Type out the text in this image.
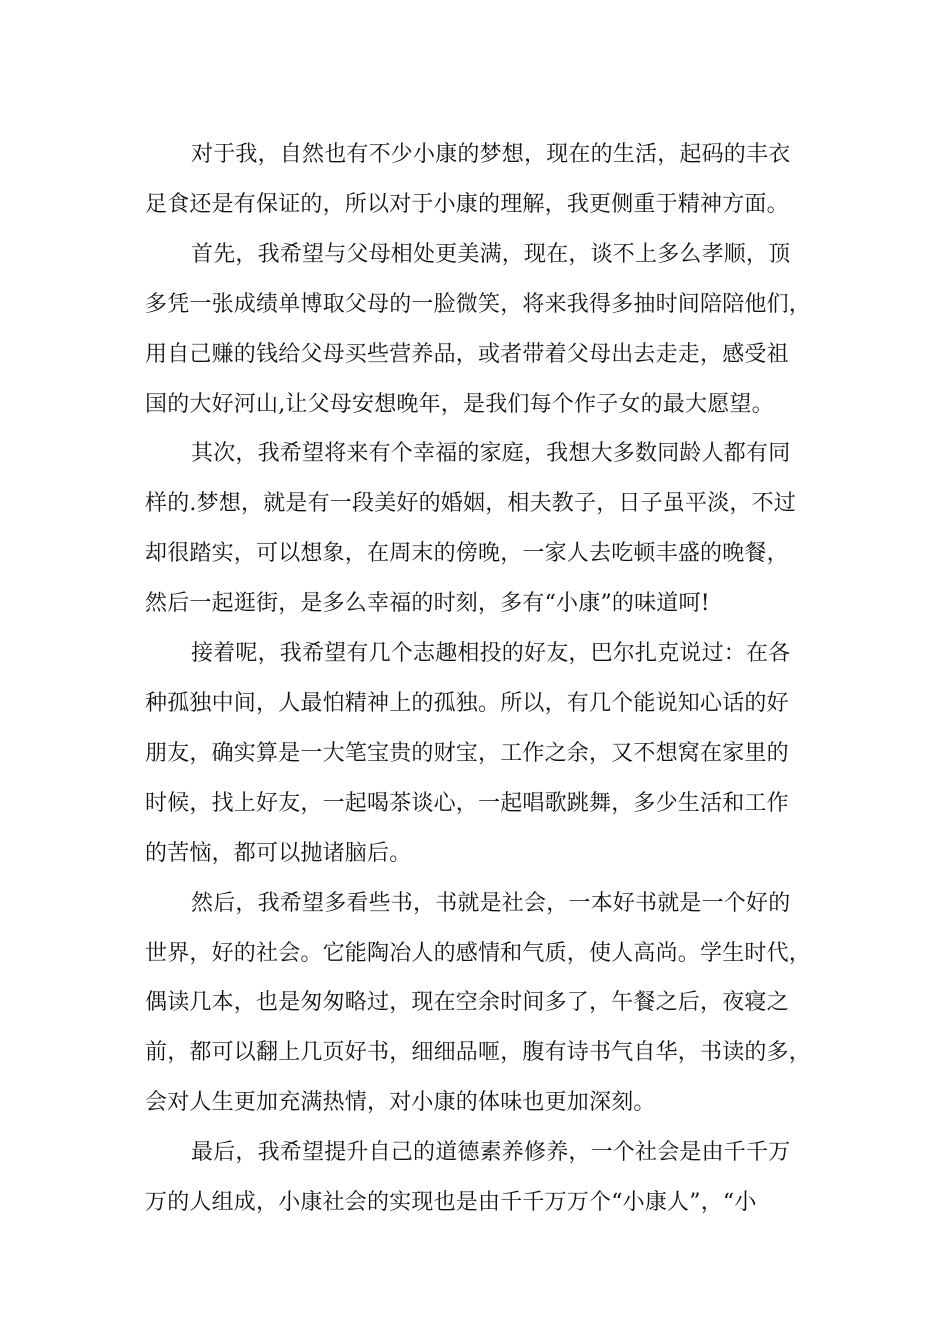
对于我，自然也有不少小康的梦想，现在的生活，起码的丰衣
足食还是有保证的，所以对于小康的理解，我更侧重于精神方面。
首先，我希望与父母相处更美满，现在，谈不上多么孝顺，顶
多凭一张成绩单博取父母的一脸微笑，将来我得多抽时间陪陪他们，
用自己赚的钱给父母买些营养品，或者带着父母出去走走，感受祖
国的大好河山,让父母安想晚年，是我们每个作子女的最大愿望。
其次，我希望将来有个幸福的家庭，我想大多数同龄人都有同
样的.梦想，就是有一段美好的婚姻，相夫教子，日子虽平淡，不过
却很踏实，可以想象，在周末的傍晚，一家人去吃顿丰盛的晚餐，
然后一起逛街，是多么幸福的时刻，多有“小康”的味道呵!
接着呢，我希望有几个志趣相投的好友，巴尔扎克说过：在各
种孤独中间，人最怕精神上的孤独。所以，有几个能说知心话的好
朋友，确实算是一大笔宝贵的财宝，工作之余，又不想窝在家里的
时候，找上好友，一起喝茶谈心，一起唱歌跳舞，多少生活和工作
的苦恼，都可以抛诸脑后。
然后，我希望多看些书，书就是社会，一本好书就是一个好的
世界，好的社会。它能陶冶人的感情和气质，使人高尚。学生时代，
偶读几本，也是匆匆略过，现在空余时间多了，午餐之后，夜寝之
前，都可以翻上几页好书，细细品咂，腹有诗书气自华，书读的多，
会对人生更加充满热情，对小康的体味也更加深刻。
最后，我希望提升自己的道德素养修养，一个社会是由千千万
万的人组成，小康社会的实现也是由千千万万个“小康人”，“小
